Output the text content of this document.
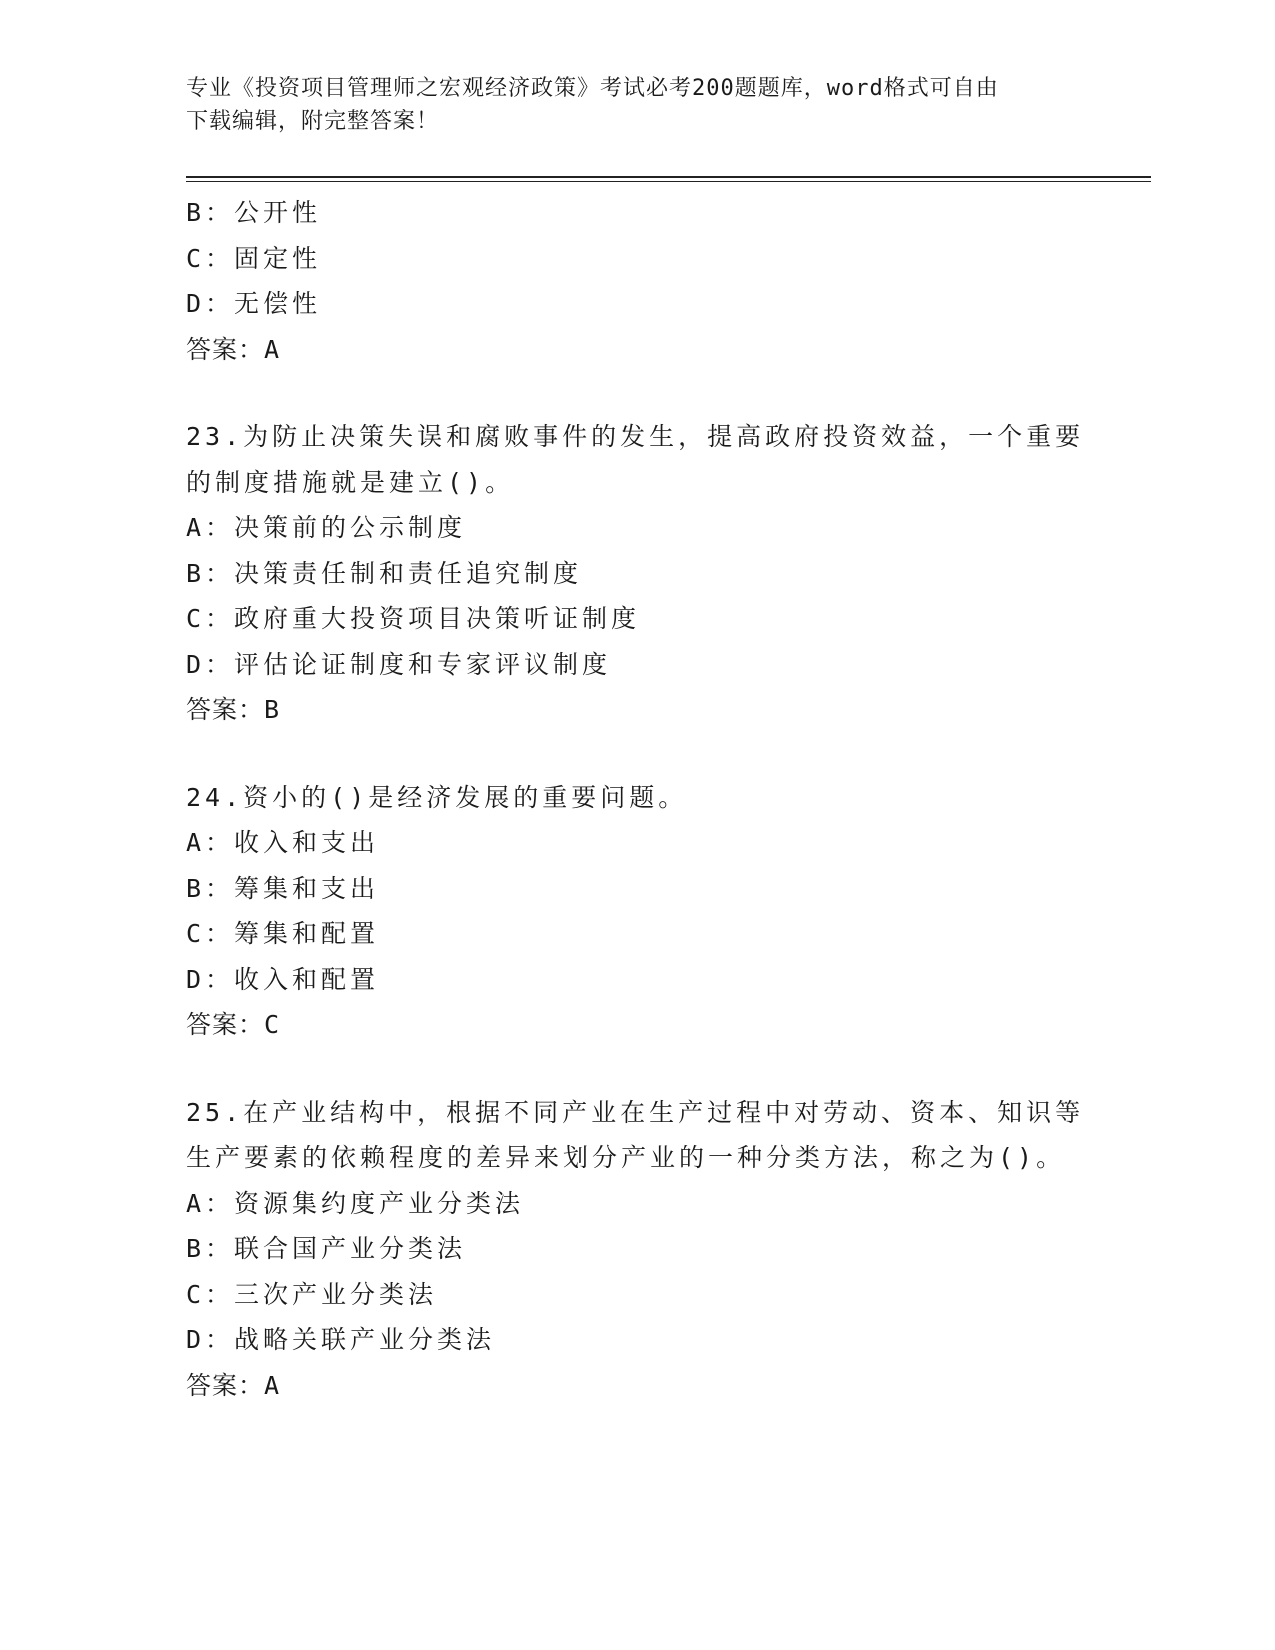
专业《投资项目管理师之宏观经济政策》考试必考200题题库，word格式可自由
下载编辑，附完整答案！
B：公开性
C：固定性
D：无偿性
答案：A
23.为防止决策失误和腐败事件的发生，提高政府投资效益，一个重要
的制度措施就是建立()。
A：决策前的公示制度
B：决策责任制和责任追究制度
C：政府重大投资项目决策听证制度
D：评估论证制度和专家评议制度
答案：B
24.资小的()是经济发展的重要问题。
A：收入和支出
B：筹集和支出
C：筹集和配置
D：收入和配置
答案：C
25.在产业结构中，根据不同产业在生产过程中对劳动、资本、知识等
生产要素的依赖程度的差异来划分产业的一种分类方法，称之为()。
A：资源集约度产业分类法
B：联合国产业分类法
C：三次产业分类法
D：战略关联产业分类法
答案：A
